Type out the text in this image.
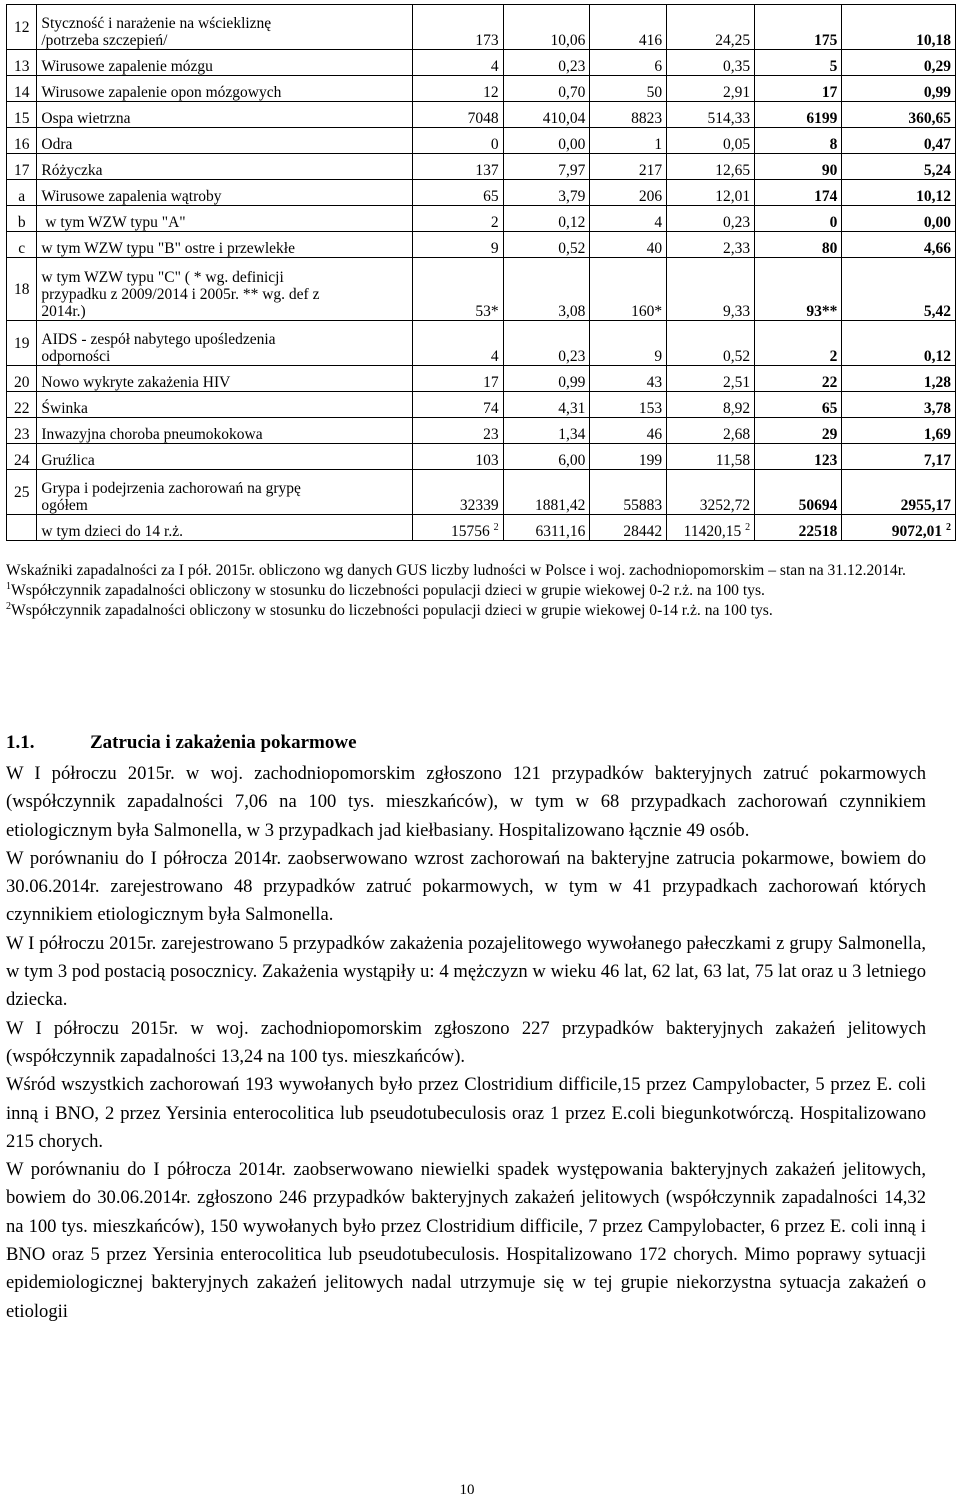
12	Styczność i narażenie na wściekliznę
/potrzeba szczepień/	173	10,06	416	24,25	175	10,18
13	Wirusowe zapalenie mózgu	4	0,23	6	0,35	5	0,29
14	Wirusowe zapalenie opon mózgowych	12	0,70	50	2,91	17	0,99
15	Ospa wietrzna	7048	410,04	8823	514,33	6199	360,65
16	Odra	0	0,00	1	0,05	8	0,47
17	Różyczka	137	7,97	217	12,65	90	5,24
a	Wirusowe zapalenia wątroby	65	3,79	206	12,01	174	10,12
b	w tym WZW typu "A"	2	0,12	4	0,23	0	0,00
c	w tym WZW typu "B" ostre i przewlekłe	9	0,52	40	2,33	80	4,66
18	w tym WZW typu "C" ( * wg. definicji
przypadku z 2009/2014 i 2005r. ** wg. def z
2014r.)	53*	3,08	160*	9,33	93**	5,42
19	AIDS - zespół nabytego upośledzenia
odporności	4	0,23	9	0,52	2	0,12
20	Nowo wykryte zakażenia HIV	17	0,99	43	2,51	22	1,28
22	Świnka	74	4,31	153	8,92	65	3,78
23	Inwazyjna choroba pneumokokowa	23	1,34	46	2,68	29	1,69
24	Gruźlica	103	6,00	199	11,58	123	7,17
25	Grypa i podejrzenia zachorowań na grypę
ogółem	32339	1881,42	55883	3252,72	50694	2955,17
	w tym dzieci do 14 r.ż.	15756 $^2$	6311,16	28442	11420,15 $^2$	22518	9072,01 $^2$

Wskaźniki zapadalności za I pół. 2015r. obliczono wg danych GUS liczby ludności w Polsce i woj. zachodniopomorskim – stan na 31.12.2014r.

$^1$Współczynnik zapadalności obliczony w stosunku do liczebności populacji dzieci w grupie wiekowej 0-2 r.ż. na 100 tys.

$^2$Współczynnik zapadalności obliczony w stosunku do liczebności populacji dzieci w grupie wiekowej 0-14 r.ż. na 100 tys.

1.1.	Zatrucia i zakażenia pokarmowe

W I półroczu 2015r. w woj. zachodniopomorskim zgłoszono 121 przypadków bakteryjnych zatruć pokarmowych (współczynnik zapadalności 7,06 na 100 tys. mieszkańców), w tym w 68 przypadkach zachorowań czynnikiem etiologicznym była Salmonella, w 3 przypadkach jad kiełbasiany. Hospitalizowano łącznie 49 osób.

W porównaniu do I półrocza 2014r. zaobserwowano wzrost zachorowań na bakteryjne zatrucia pokarmowe, bowiem do 30.06.2014r. zarejestrowano 48 przypadków zatruć pokarmowych, w tym w 41 przypadkach zachorowań których czynnikiem etiologicznym była Salmonella.

W I półroczu 2015r. zarejestrowano 5 przypadków zakażenia pozajelitowego wywołanego pałeczkami z grupy Salmonella, w tym 3 pod postacią posocznicy. Zakażenia wystąpiły u: 4 mężczyzn w wieku 46 lat, 62 lat, 63 lat, 75 lat oraz u 3 letniego dziecka.

W I półroczu 2015r. w woj. zachodniopomorskim zgłoszono 227 przypadków bakteryjnych zakażeń jelitowych (współczynnik zapadalności 13,24 na 100 tys. mieszkańców).

Wśród wszystkich zachorowań 193 wywołanych było przez Clostridium difficile,15 przez Campylobacter, 5 przez E. coli inną i BNO, 2 przez Yersinia enterocolitica lub pseudotubeculosis oraz 1 przez E.coli biegunkotwórczą. Hospitalizowano 215 chorych.

W porównaniu do I półrocza 2014r. zaobserwowano niewielki spadek występowania bakteryjnych zakażeń jelitowych, bowiem do 30.06.2014r. zgłoszono 246 przypadków bakteryjnych zakażeń jelitowych (współczynnik zapadalności 14,32 na 100 tys. mieszkańców), 150 wywołanych było przez Clostridium difficile, 7 przez Campylobacter, 6 przez E. coli inną i BNO oraz 5 przez Yersinia enterocolitica lub pseudotubeculosis. Hospitalizowano 172 chorych. Mimo poprawy sytuacji epidemiologicznej bakteryjnych zakażeń jelitowych nadal utrzymuje się w tej grupie niekorzystna sytuacja zakażeń o etiologii

10
